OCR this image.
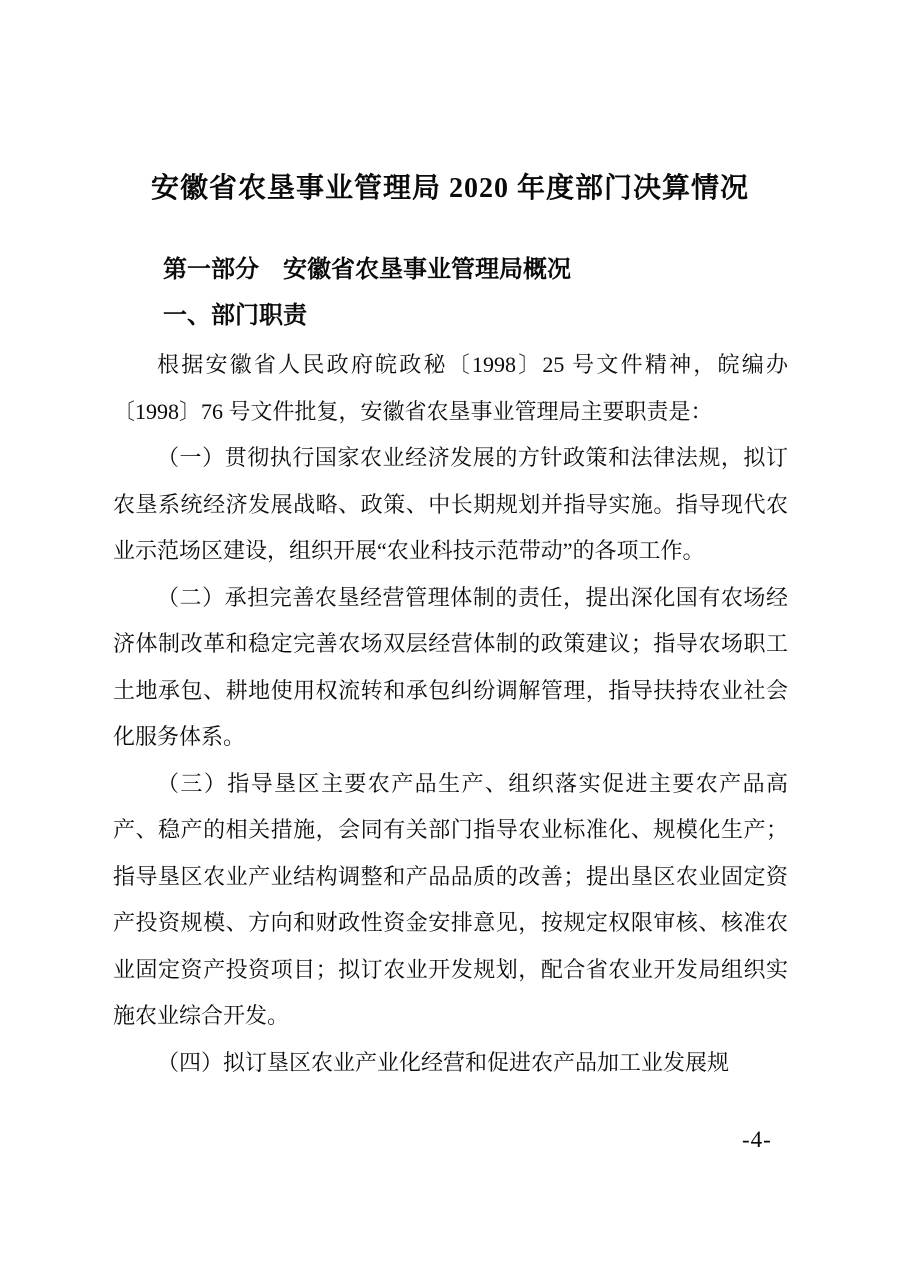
安徽省农垦事业管理局 2020 年度部门决算情况
第一部分　安徽省农垦事业管理局概况
一、部门职责

根据安徽省人民政府皖政秘〔1998〕25 号文件精神，皖编办〔1998〕76 号文件批复，安徽省农垦事业管理局主要职责是：

（一）贯彻执行国家农业经济发展的方针政策和法律法规，拟订农垦系统经济发展战略、政策、中长期规划并指导实施。指导现代农业示范场区建设，组织开展“农业科技示范带动”的各项工作。

（二）承担完善农垦经营管理体制的责任，提出深化国有农场经济体制改革和稳定完善农场双层经营体制的政策建议；指导农场职工土地承包、耕地使用权流转和承包纠纷调解管理，指导扶持农业社会化服务体系。

（三）指导垦区主要农产品生产、组织落实促进主要农产品高产、稳产的相关措施，会同有关部门指导农业标准化、规模化生产；指导垦区农业产业结构调整和产品品质的改善；提出垦区农业固定资产投资规模、方向和财政性资金安排意见，按规定权限审核、核准农业固定资产投资项目；拟订农业开发规划，配合省农业开发局组织实施农业综合开发。

（四）拟订垦区农业产业化经营和促进农产品加工业发展规

-4-
